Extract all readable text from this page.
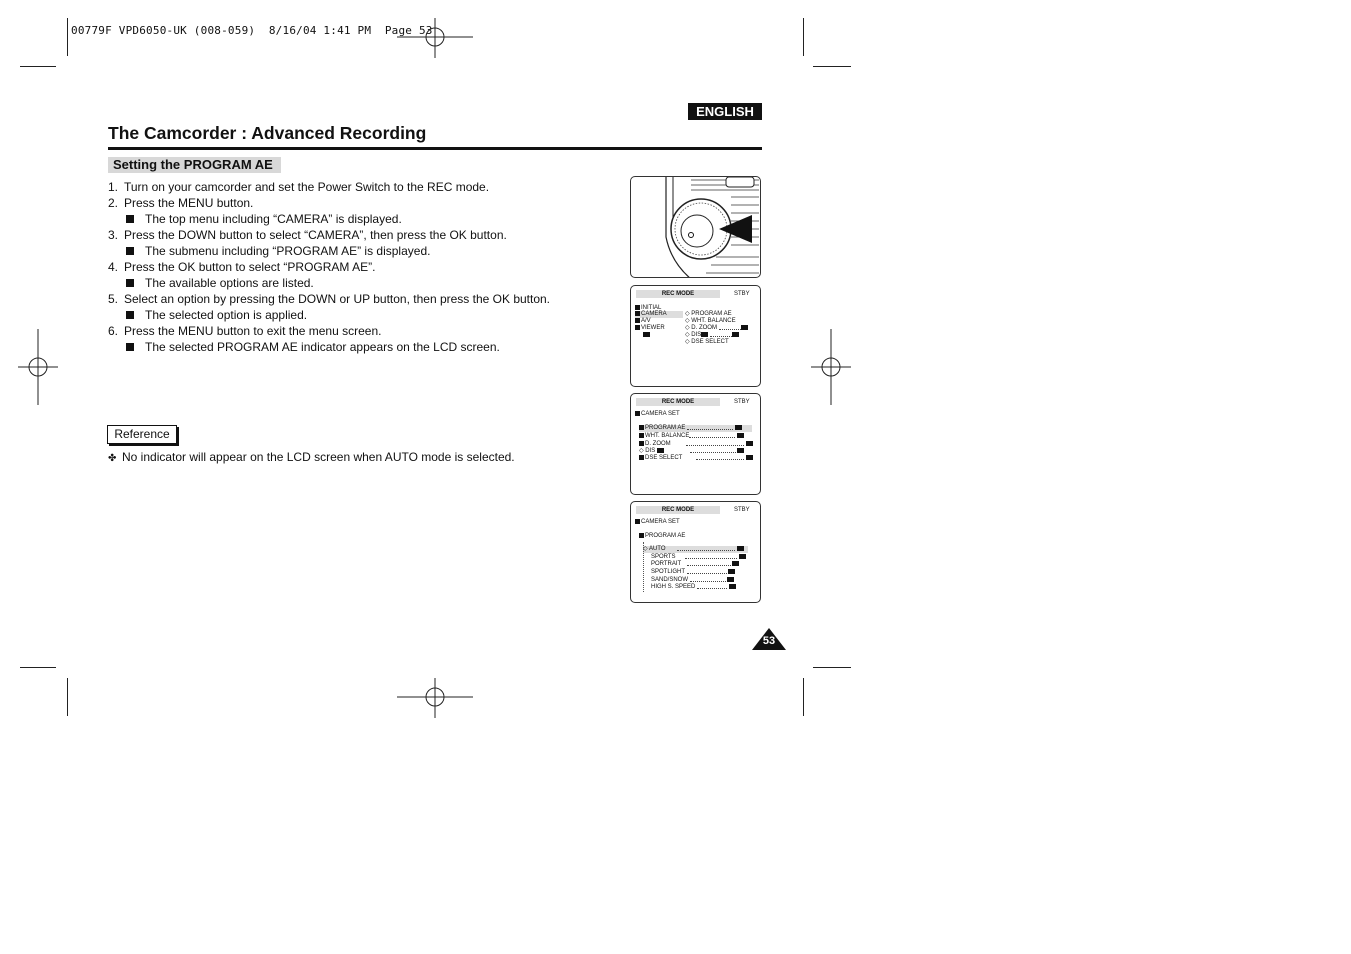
00779F VPD6050-UK (008-059)  8/16/04 1:41 PM  Page 53
ENGLISH
The Camcorder : Advanced Recording
Setting the PROGRAM AE
1. Turn on your camcorder and set the Power Switch to the REC mode.
2. Press the MENU button.
The top menu including “CAMERA” is displayed.
3. Press the DOWN button to select “CAMERA”, then press the OK button.
The submenu including “PROGRAM AE” is displayed.
4. Press the OK button to select “PROGRAM AE”.
The available options are listed.
5. Select an option by pressing the DOWN or UP button, then press the OK button.
The selected option is applied.
6. Press the MENU button to exit the menu screen.
The selected PROGRAM AE indicator appears on the LCD screen.
Reference
✤ No indicator will appear on the LCD screen when AUTO mode is selected.
REC MODE	STBY
INITIAL
CAMERA
A/V
VIEWER
◇ PROGRAM AE
◇ WHT. BALANCE
◇ D. ZOOM
◇ DIS
◇ DSE SELECT
REC MODE	STBY
CAMERA SET
PROGRAM AE
WHT. BALANCE
D. ZOOM
◇ DIS
DSE SELECT
REC MODE	STBY
CAMERA SET
PROGRAM AE
◇ AUTO
SPORTS
PORTRAIT
SPOTLIGHT
SAND/SNOW
HIGH S. SPEED
53
